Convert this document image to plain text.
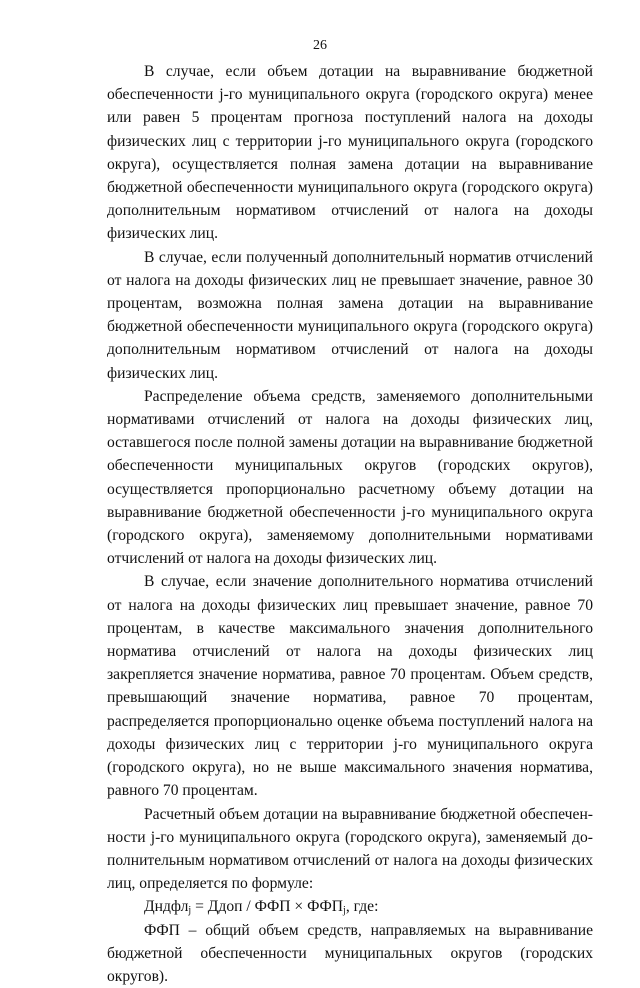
26

В случае, если объем дотации на выравнивание бюджетной обеспеченности j-го муниципального округа (городского округа) менее или равен 5 процентам прогноза поступлений налога на доходы физических лиц с территории j-го муниципального округа (городского округа), осуществляется полная замена дотации на выравнивание бюджетной обеспеченности муниципального округа (городского округа) дополнительным нормативом отчислений от налога на доходы физических лиц.

В случае, если полученный дополнительный норматив отчислений от налога на доходы физических лиц не превышает значение, равное 30 процентам, возможна полная замена дотации на выравнивание бюджетной обеспеченности муниципального округа (городского округа) дополнительным нормативом отчислений от налога на доходы физических лиц.

Распределение объема средств, заменяемого дополнительными нормативами отчислений от налога на доходы физических лиц, оставшегося после полной замены дотации на выравнивание бюджетной обеспеченности муниципальных округов (городских округов), осуществляется пропорционально расчетному объему дотации на выравнивание бюджетной обеспеченности j-го муниципального округа (городского округа), заменяемому дополнительными нормативами отчислений от налога на доходы физических лиц.

В случае, если значение дополнительного норматива отчислений от налога на доходы физических лиц превышает значение, равное 70 процентам, в качестве максимального значения дополнительного норматива отчислений от налога на доходы физических лиц закрепляется значение норматива, равное 70 процентам. Объем средств, превышающий значение норматива, равное 70 процентам, распределяется пропорционально оценке объема поступлений налога на доходы физических лиц с территории j-го муниципального округа (городского округа), но не выше максимального значения норматива, равного 70 процентам.

Расчетный объем дотации на выравнивание бюджетной обеспеченности j-го муниципального округа (городского округа), заменяемый дополнительным нормативом отчислений от налога на доходы физических лиц, определяется по формуле:

Дндфл$_j$ = Ддоп / ФФП × $ФФП_j$, где:

ФФП – общий объем средств, направляемых на выравнивание бюджетной обеспеченности муниципальных округов (городских округов).
